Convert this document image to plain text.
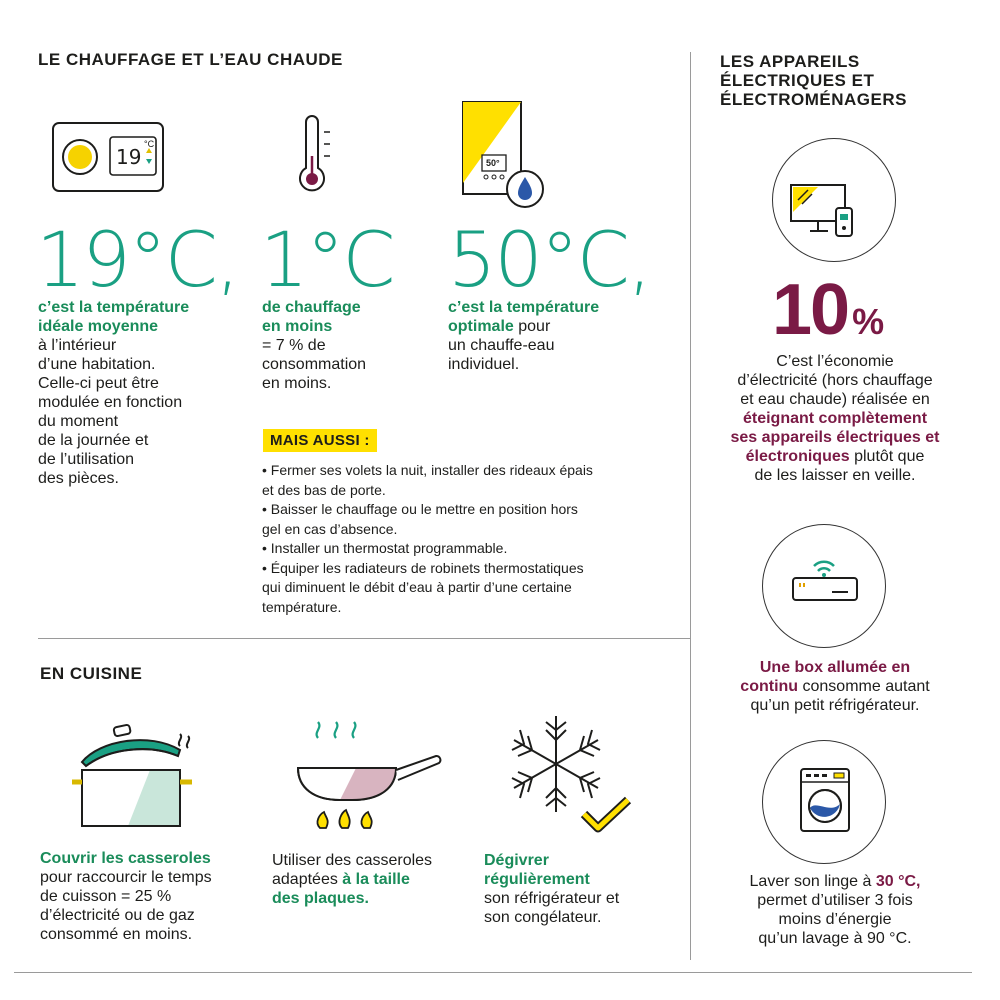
LE CHAUFFAGE ET L’EAU CHAUDE
19
°C
50°
19°C,
c’est la température idéale moyenne
à l’intérieur
d’une habitation.
Celle-ci peut être
modulée en fonction
du moment
de la journée et
de l’utilisation
des pièces.
1°C
de chauffage
en moins
= 7 % de
consommation
en moins.
50°C,
c’est la température
optimale pour
un chauffe-eau
individuel.
MAIS AUSSI :
• Fermer ses volets la nuit, installer des rideaux épais
et des bas de porte.
• Baisser le chauffage ou le mettre en position hors
gel en cas d’absence.
• Installer un thermostat programmable.
• Équiper les radiateurs de robinets thermostatiques
qui diminuent le débit d’eau à partir d’une certaine
température.
EN CUISINE
Couvrir les casseroles
pour raccourcir le temps
de cuisson = 25 %
d’électricité ou de gaz
consommé en moins.
Utiliser des casseroles
adaptées à la taille
des plaques.
Dégivrer
régulièrement
son réfrigérateur et
son congélateur.
LES APPAREILS
ÉLECTRIQUES ET
ÉLECTROMÉNAGERS
10 %
C’est l’économie
d’électricité (hors chauffage
et eau chaude) réalisée en
éteignant complètement
ses appareils électriques et
électroniques plutôt que
de les laisser en veille.
Une box allumée en
continu consomme autant
qu’un petit réfrigérateur.
Laver son linge à 30 °C,
permet d’utiliser 3 fois
moins d’énergie
qu’un lavage à 90 °C.
